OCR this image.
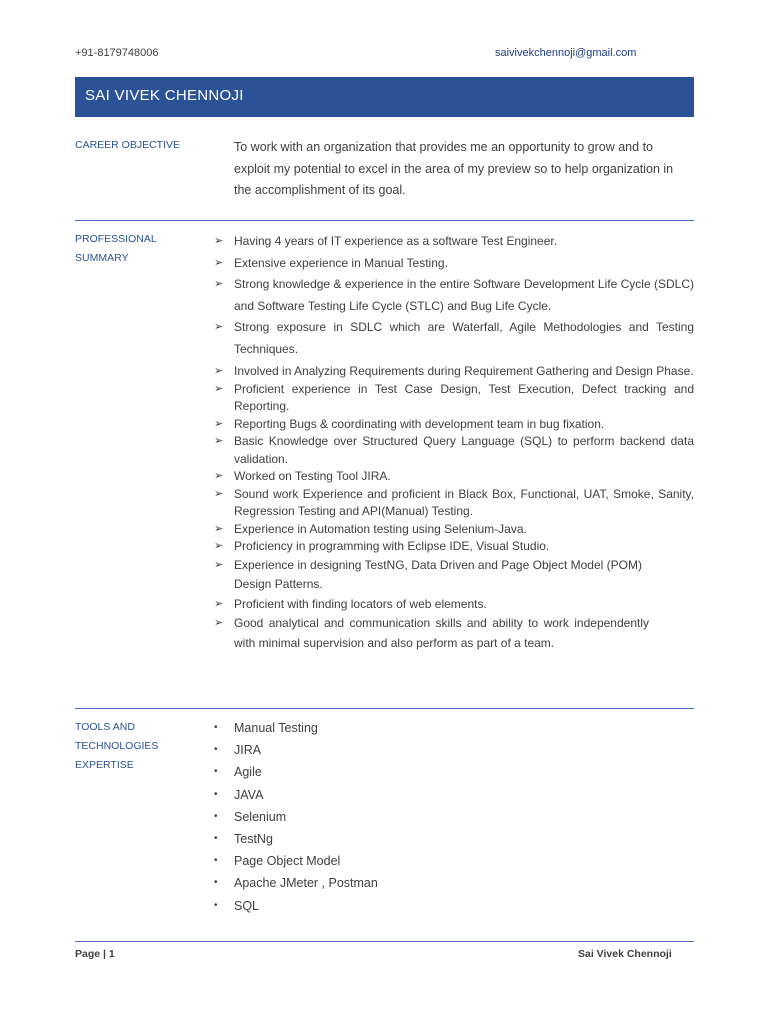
+91-8179748006	saivivekchennoji@gmail.com
SAI VIVEK CHENNOJI
CAREER OBJECTIVE	To work with an organization that provides me an opportunity to grow and to exploit my potential to excel in the area of my preview so to help organization in the accomplishment of its goal.
PROFESSIONAL
SUMMARY
➢ Having 4 years of IT experience as a software Test Engineer.
➢ Extensive experience in Manual Testing.
➢ Strong knowledge & experience in the entire Software Development Life Cycle (SDLC) and Software Testing Life Cycle (STLC) and Bug Life Cycle.
➢ Strong exposure in SDLC which are Waterfall, Agile Methodologies and Testing Techniques.
➢ Involved in Analyzing Requirements during Requirement Gathering and Design Phase.
➢ Proficient experience in Test Case Design, Test Execution, Defect tracking and Reporting.
➢ Reporting Bugs & coordinating with development team in bug fixation.
➢ Basic Knowledge over Structured Query Language (SQL) to perform backend data validation.
➢ Worked on Testing Tool JIRA.
➢ Sound work Experience and proficient in Black Box, Functional, UAT, Smoke, Sanity, Regression Testing and API(Manual) Testing.
➢ Experience in Automation testing using Selenium-Java.
➢ Proficiency in programming with Eclipse IDE, Visual Studio.
➢ Experience in designing TestNG, Data Driven and Page Object Model (POM) Design Patterns.
➢ Proficient with finding locators of web elements.
➢ Good analytical and communication skills and ability to work independently with minimal supervision and also perform as part of a team.
TOOLS AND
TECHNOLOGIES
EXPERTISE
• Manual Testing
• JIRA
• Agile
• JAVA
• Selenium
• TestNg
• Page Object Model
• Apache JMeter , Postman
• SQL
Page | 1	Sai Vivek Chennoji
